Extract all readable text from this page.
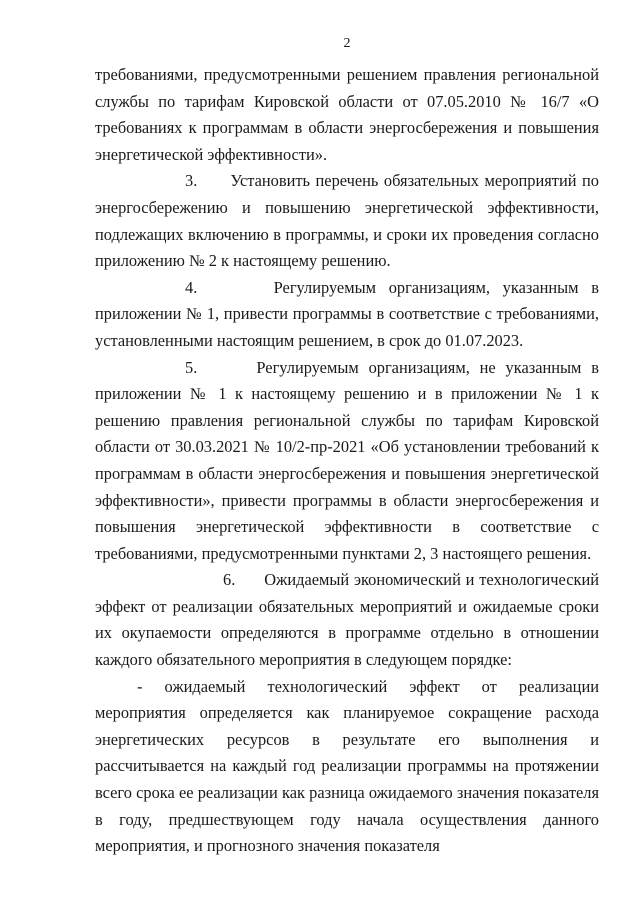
2

требованиями, предусмотренными решением правления региональной службы по тарифам Кировской области от 07.05.2010 № 16/7 «О требованиях к программам в области энергосбережения и повышения энергетической эффективности».

3. Установить перечень обязательных мероприятий по энергосбережению и повышению энергетической эффективности, подлежащих включению в программы, и сроки их проведения согласно приложению № 2 к настоящему решению.

4.	Регулируемым организациям, указанным в приложении № 1, привести программы в соответствие с требованиями, установленными настоящим решением, в срок до 01.07.2023.

5.	Регулируемым организациям, не указанным в приложении № 1 к настоящему решению и в приложении № 1 к решению правления региональной службы по тарифам Кировской области от 30.03.2021 № 10/2-пр-2021 «Об установлении требований к программам в области энергосбережения и повышения энергетической эффективности», привести программы в области энергосбережения и повышения энергетической эффективности в соответствие с требованиями, предусмотренными пунктами 2, 3 настоящего решения.

6. Ожидаемый экономический и технологический эффект от реализации обязательных мероприятий и ожидаемые сроки их окупаемости определяются в программе отдельно в отношении каждого обязательного мероприятия в следующем порядке:

- ожидаемый технологический эффект от реализации мероприятия определяется как планируемое сокращение расхода энергетических ресурсов в результате его выполнения и рассчитывается на каждый год реализации программы на протяжении всего срока ее реализации как разница ожидаемого значения показателя в году, предшествующем году начала осуществления данного мероприятия, и прогнозного значения показателя
